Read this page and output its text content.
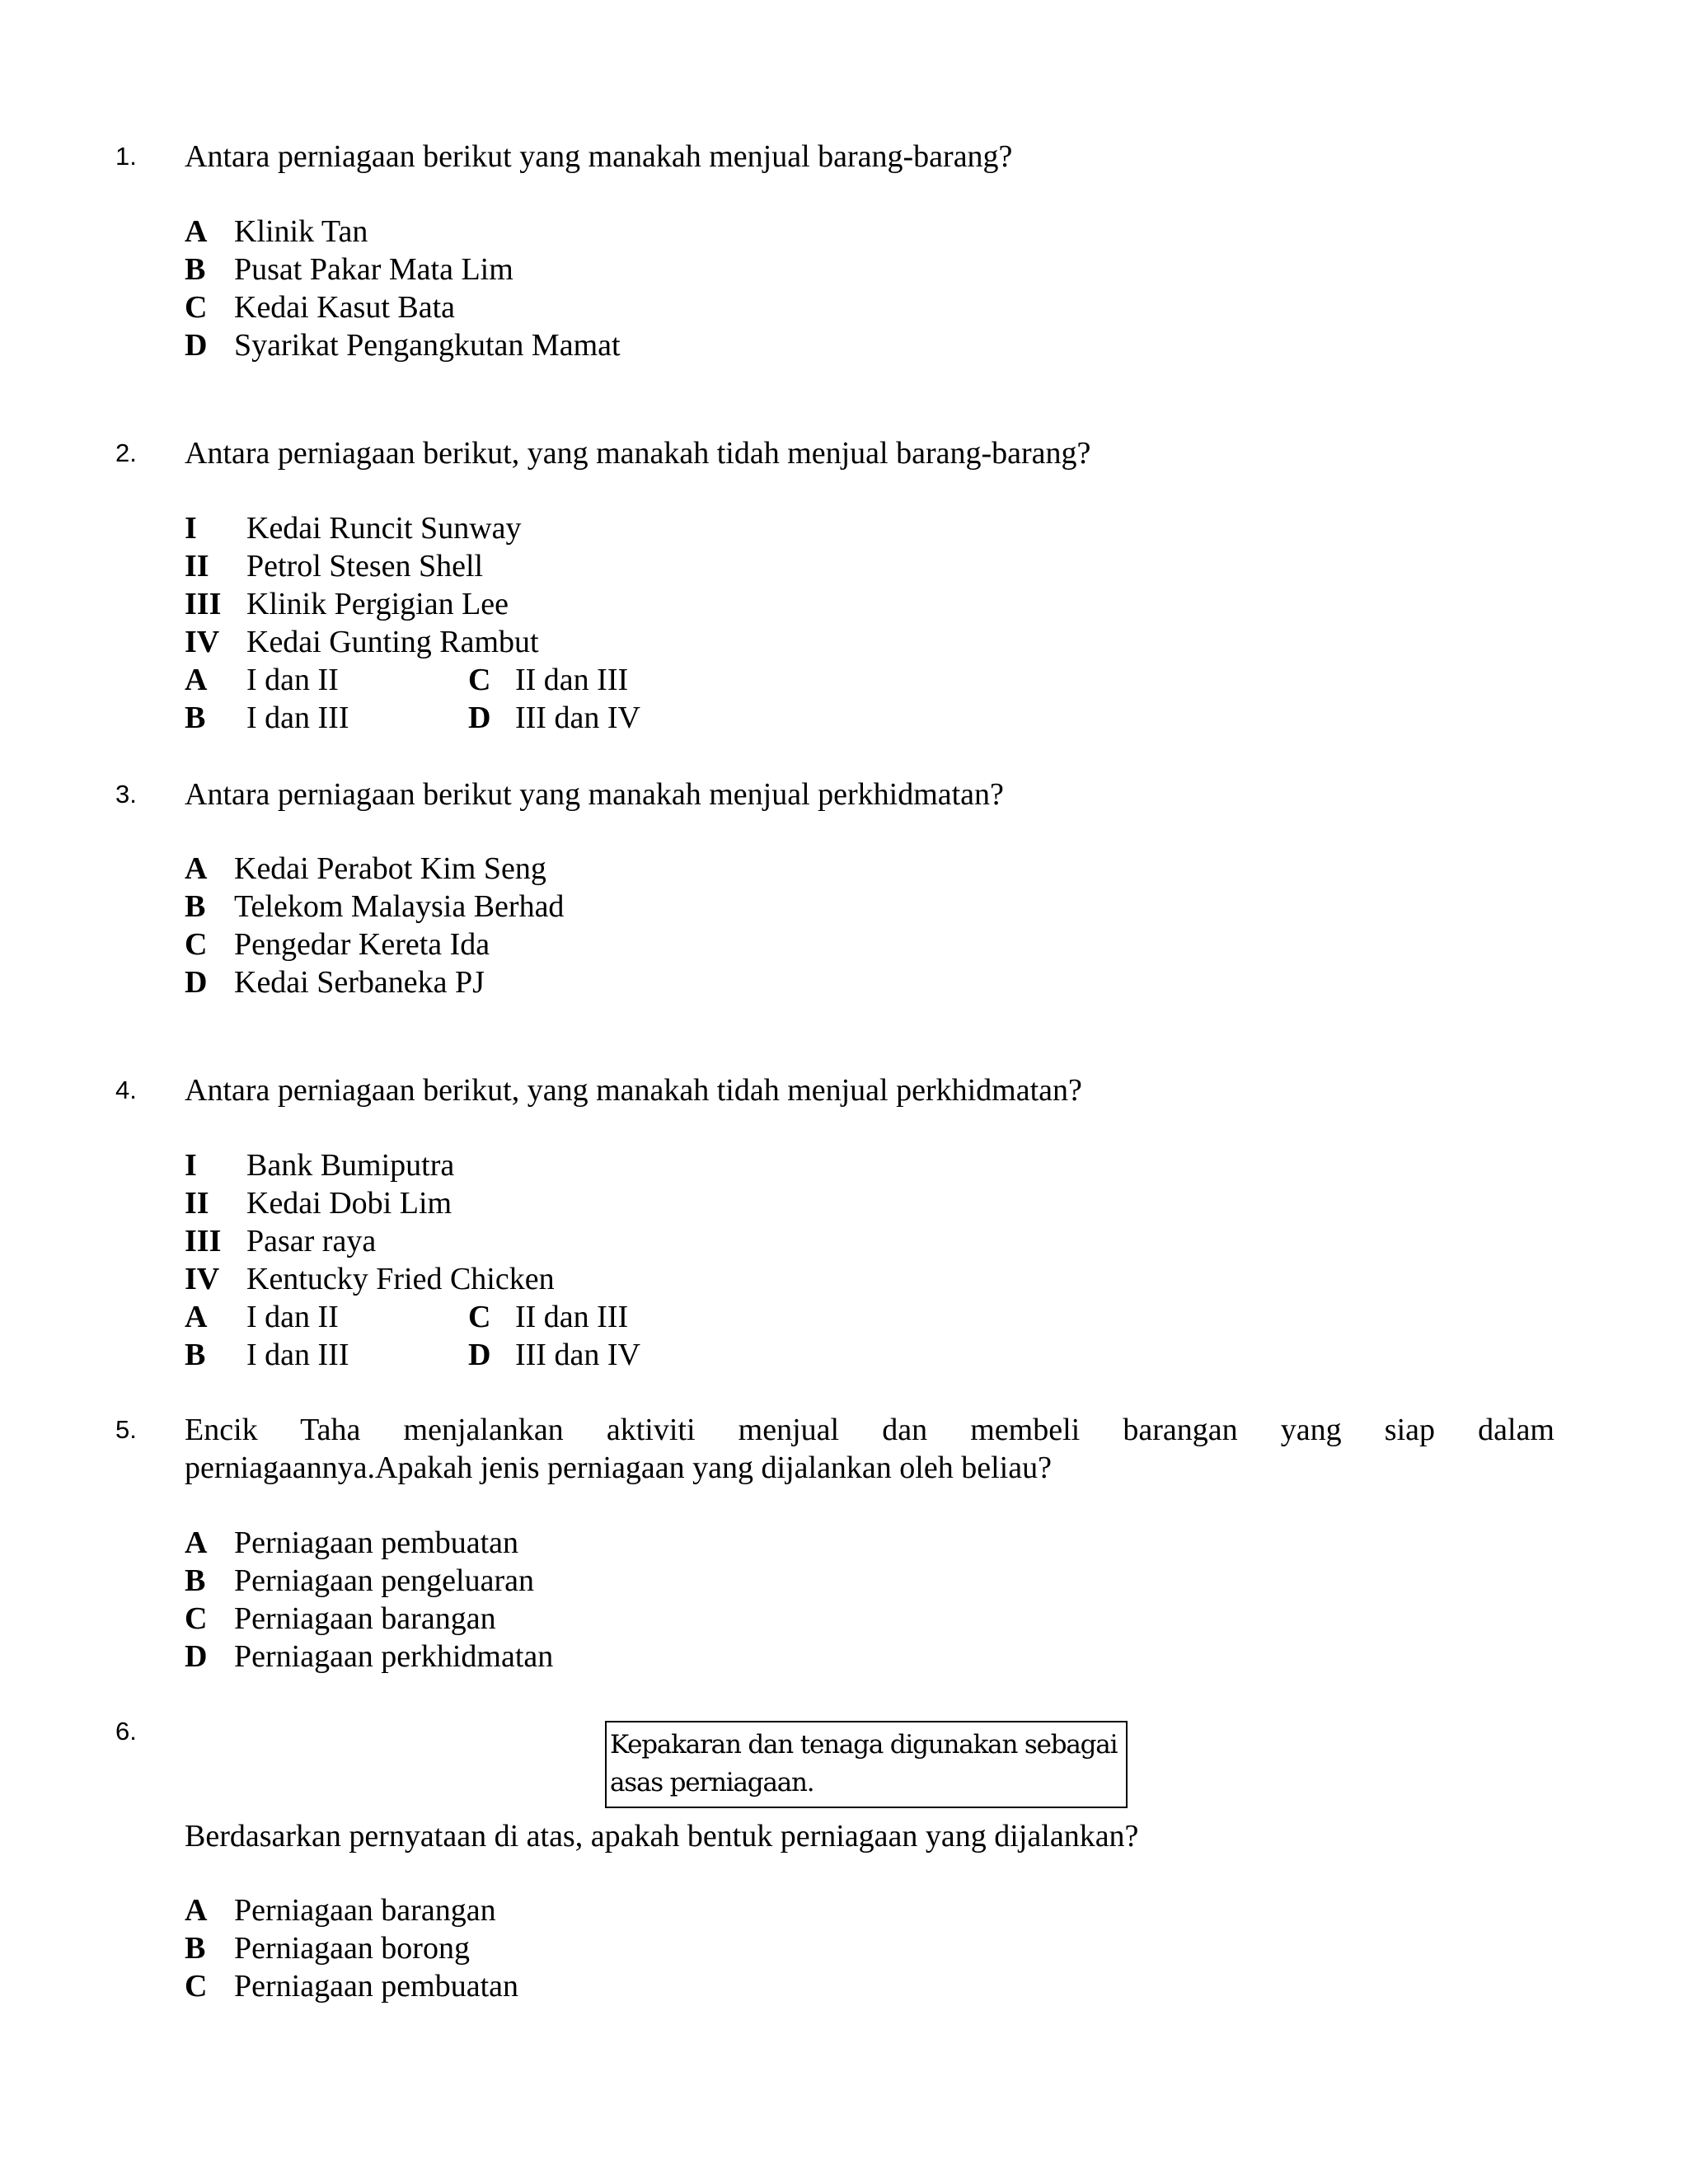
1. Antara perniagaan berikut yang manakah menjual barang-barang?
A Klinik Tan
B Pusat Pakar Mata Lim
C Kedai Kasut Bata
D Syarikat Pengangkutan Mamat
2. Antara perniagaan berikut, yang manakah tidah menjual barang-barang?
I Kedai Runcit Sunway
II Petrol Stesen Shell
III Klinik Pergigian Lee
IV Kedai Gunting Rambut
A I dan II	C II dan III
B I dan III	D III dan IV
3. Antara perniagaan berikut yang manakah menjual perkhidmatan?
A Kedai Perabot Kim Seng
B Telekom Malaysia Berhad
C Pengedar Kereta Ida
D Kedai Serbaneka PJ
4. Antara perniagaan berikut, yang manakah tidah menjual perkhidmatan?
I Bank Bumiputra
II Kedai Dobi Lim
III Pasar raya
IV Kentucky Fried Chicken
A I dan II	C II dan III
B I dan III	D III dan IV
5. Encik Taha menjalankan aktiviti menjual dan membeli barangan yang siap dalam
perniagaannya.Apakah jenis perniagaan yang dijalankan oleh beliau?
A Perniagaan pembuatan
B Perniagaan pengeluaran
C Perniagaan barangan
D Perniagaan perkhidmatan
6.	Kepakaran dan tenaga digunakan sebagai
asas perniagaan.
Berdasarkan pernyataan di atas, apakah bentuk perniagaan yang dijalankan?
A Perniagaan barangan
B Perniagaan borong
C Perniagaan pembuatan
